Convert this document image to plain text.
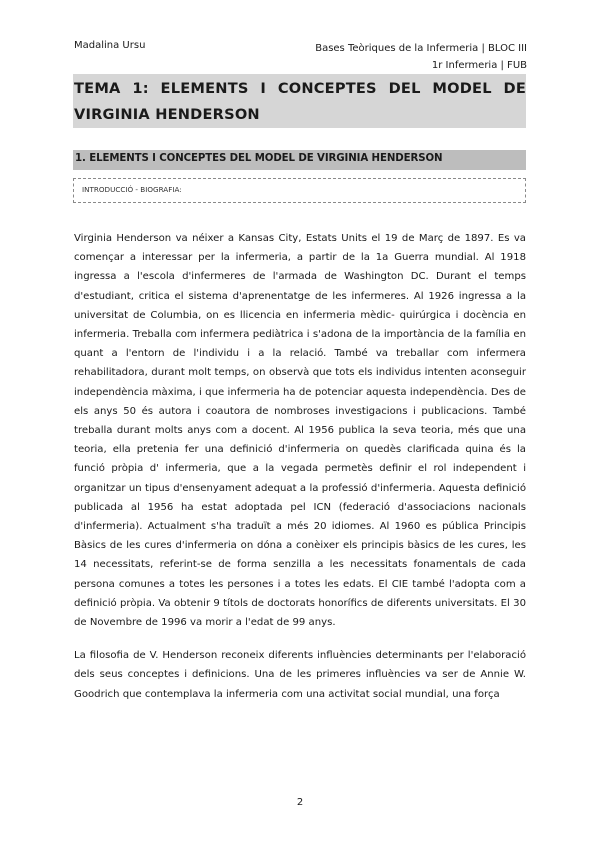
Madalina Ursu	Bases Teòriques de la Infermeria | BLOC III
1r Infermeria | FUB
TEMA 1: ELEMENTS I CONCEPTES DEL MODEL DE VIRGINIA HENDERSON
1. ELEMENTS I CONCEPTES DEL MODEL DE VIRGINIA HENDERSON
INTRODUCCIÓ - BIOGRAFIA:

Virginia Henderson va néixer a Kansas City, Estats Units el 19 de Març de 1897. Es va començar a interessar per la infermeria, a partir de la 1a Guerra mundial. Al 1918 ingressa a l'escola d'infermeres de l'armada de Washington DC. Durant el temps d'estudiant, critica el sistema d'aprenentatge de les infermeres. Al 1926 ingressa a la universitat de Columbia, on es llicencia en infermeria mèdic- quirúrgica i docència en infermeria. Treballa com infermera pediàtrica i s'adona de la importància de la família en quant a l'entorn de l'individu i a la relació. També va treballar com infermera rehabilitadora, durant molt temps, on observà que tots els individus intenten aconseguir independència màxima, i que infermeria ha de potenciar aquesta independència. Des de els anys 50 és autora i coautora de nombroses investigacions i publicacions. També treballa durant molts anys com a docent. Al 1956 publica la seva teoria, més que una teoria, ella pretenia fer una definició d'infermeria on quedès clarificada quina és la funció pròpia d' infermeria, que a la vegada permetès definir el rol independent i organitzar un tipus d'ensenyament adequat a la professió d'infermeria. Aquesta definició publicada al 1956 ha estat adoptada pel ICN (federació d'associacions nacionals d'infermeria). Actualment s'ha traduït a més 20 idiomes. Al 1960 es pública Principis Bàsics de les cures d'infermeria on dóna a conèixer els principis bàsics de les cures, les 14 necessitats, referint-se de forma senzilla a les necessitats fonamentals de cada persona comunes a totes les persones i a totes les edats. El CIE també l'adopta com a definició pròpia. Va obtenir 9 títols de doctorats honorífics de diferents universitats. El 30 de Novembre de 1996 va morir a l'edat de 99 anys.

La filosofia de V. Henderson reconeix diferents influències determinants per l'elaboració dels seus conceptes i definicions. Una de les primeres influències va ser de Annie W. Goodrich que contemplava la infermeria com una activitat social mundial, una força

2
